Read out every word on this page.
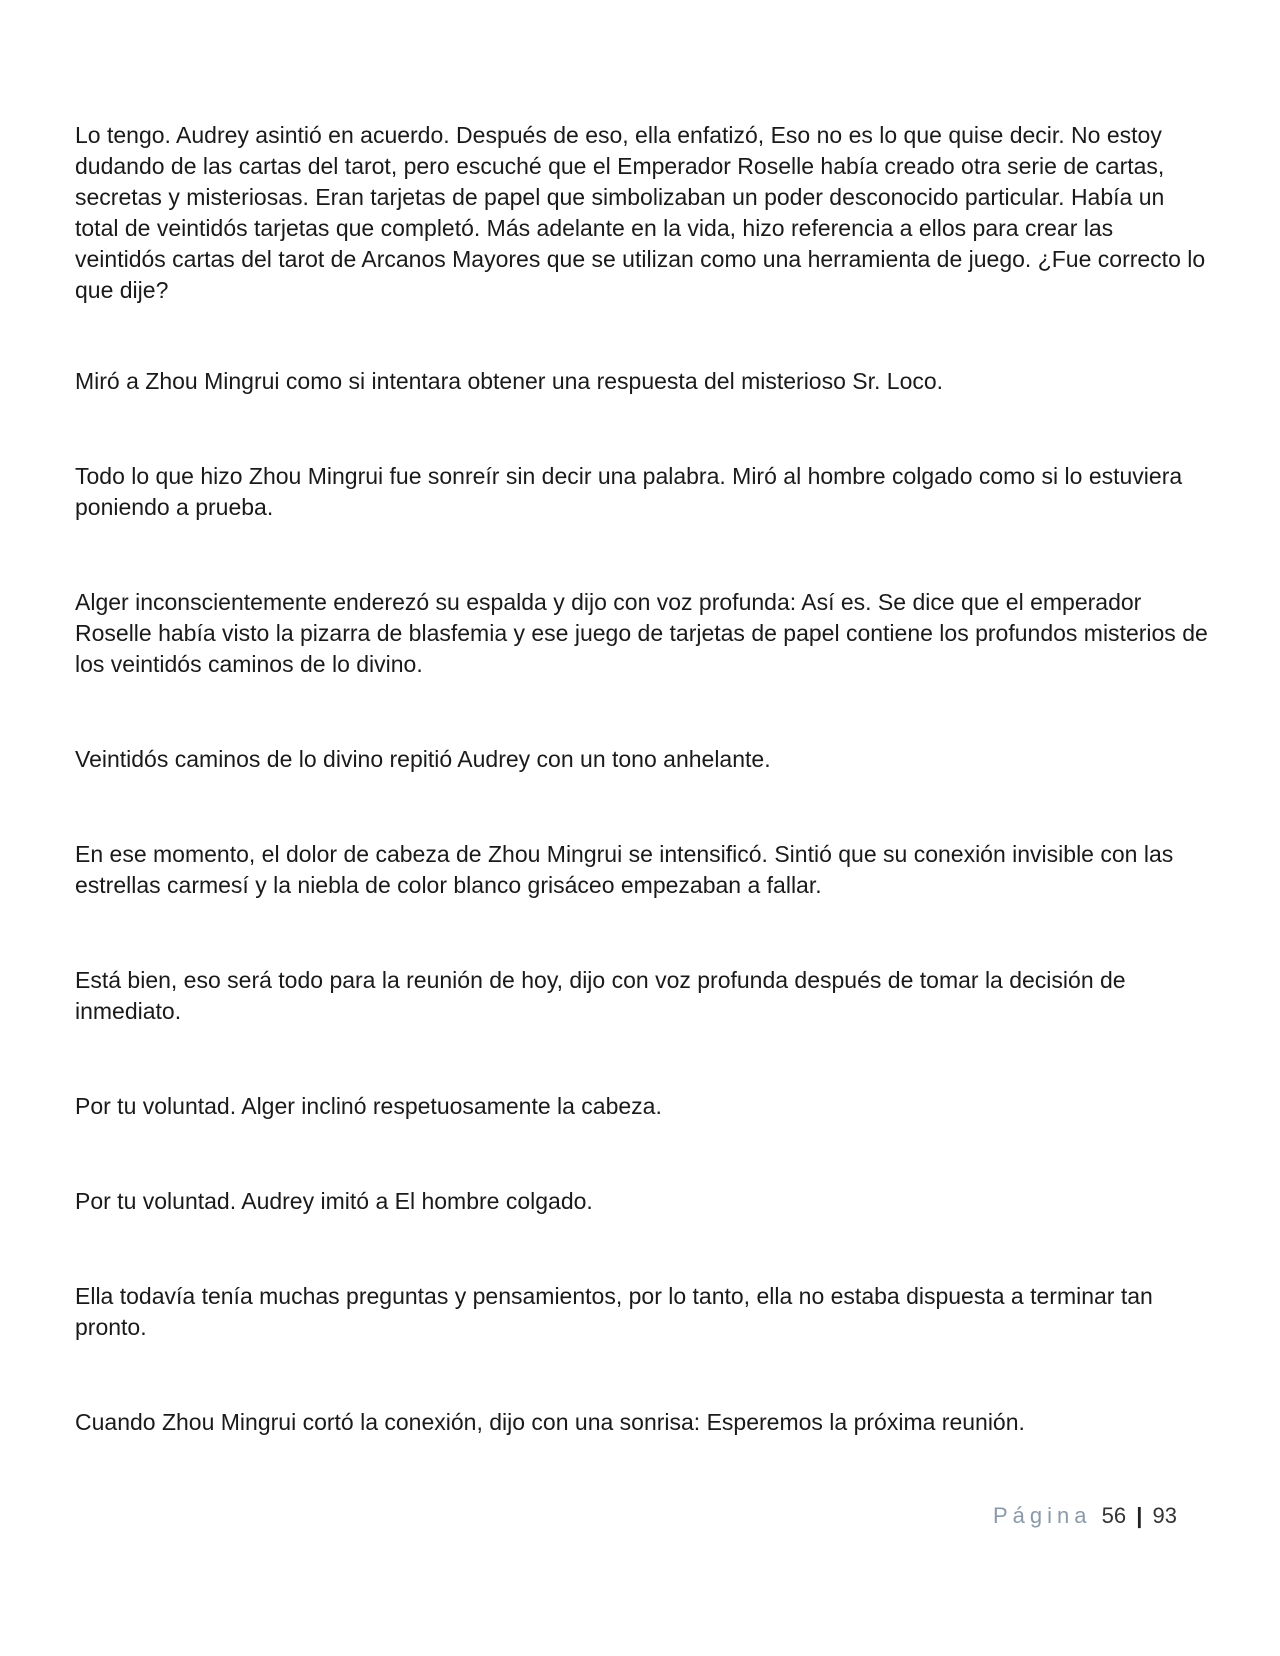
Lo tengo. Audrey asintió en acuerdo. Después de eso, ella enfatizó, Eso no es lo que quise decir. No estoy dudando de las cartas del tarot, pero escuché que el Emperador Roselle había creado otra serie de cartas, secretas y misteriosas. Eran tarjetas de papel que simbolizaban un poder desconocido particular. Había un total de veintidós tarjetas que completó. Más adelante en la vida, hizo referencia a ellos para crear las veintidós cartas del tarot de Arcanos Mayores que se utilizan como una herramienta de juego. ¿Fue correcto lo que dije?

Miró a Zhou Mingrui como si intentara obtener una respuesta del misterioso Sr. Loco.

Todo lo que hizo Zhou Mingrui fue sonreír sin decir una palabra. Miró al hombre colgado como si lo estuviera poniendo a prueba.

Alger inconscientemente enderezó su espalda y dijo con voz profunda: Así es. Se dice que el emperador Roselle había visto la pizarra de blasfemia y ese juego de tarjetas de papel contiene los profundos misterios de los veintidós caminos de lo divino.

Veintidós caminos de lo divino repitió Audrey con un tono anhelante.

En ese momento, el dolor de cabeza de Zhou Mingrui se intensificó. Sintió que su conexión invisible con las estrellas carmesí y la niebla de color blanco grisáceo empezaban a fallar.

Está bien, eso será todo para la reunión de hoy, dijo con voz profunda después de tomar la decisión de inmediato.

Por tu voluntad. Alger inclinó respetuosamente la cabeza.

Por tu voluntad. Audrey imitó a El hombre colgado.

Ella todavía tenía muchas preguntas y pensamientos, por lo tanto, ella no estaba dispuesta a terminar tan pronto.

Cuando Zhou Mingrui cortó la conexión, dijo con una sonrisa: Esperemos la próxima reunión.

Página 56 | 93
